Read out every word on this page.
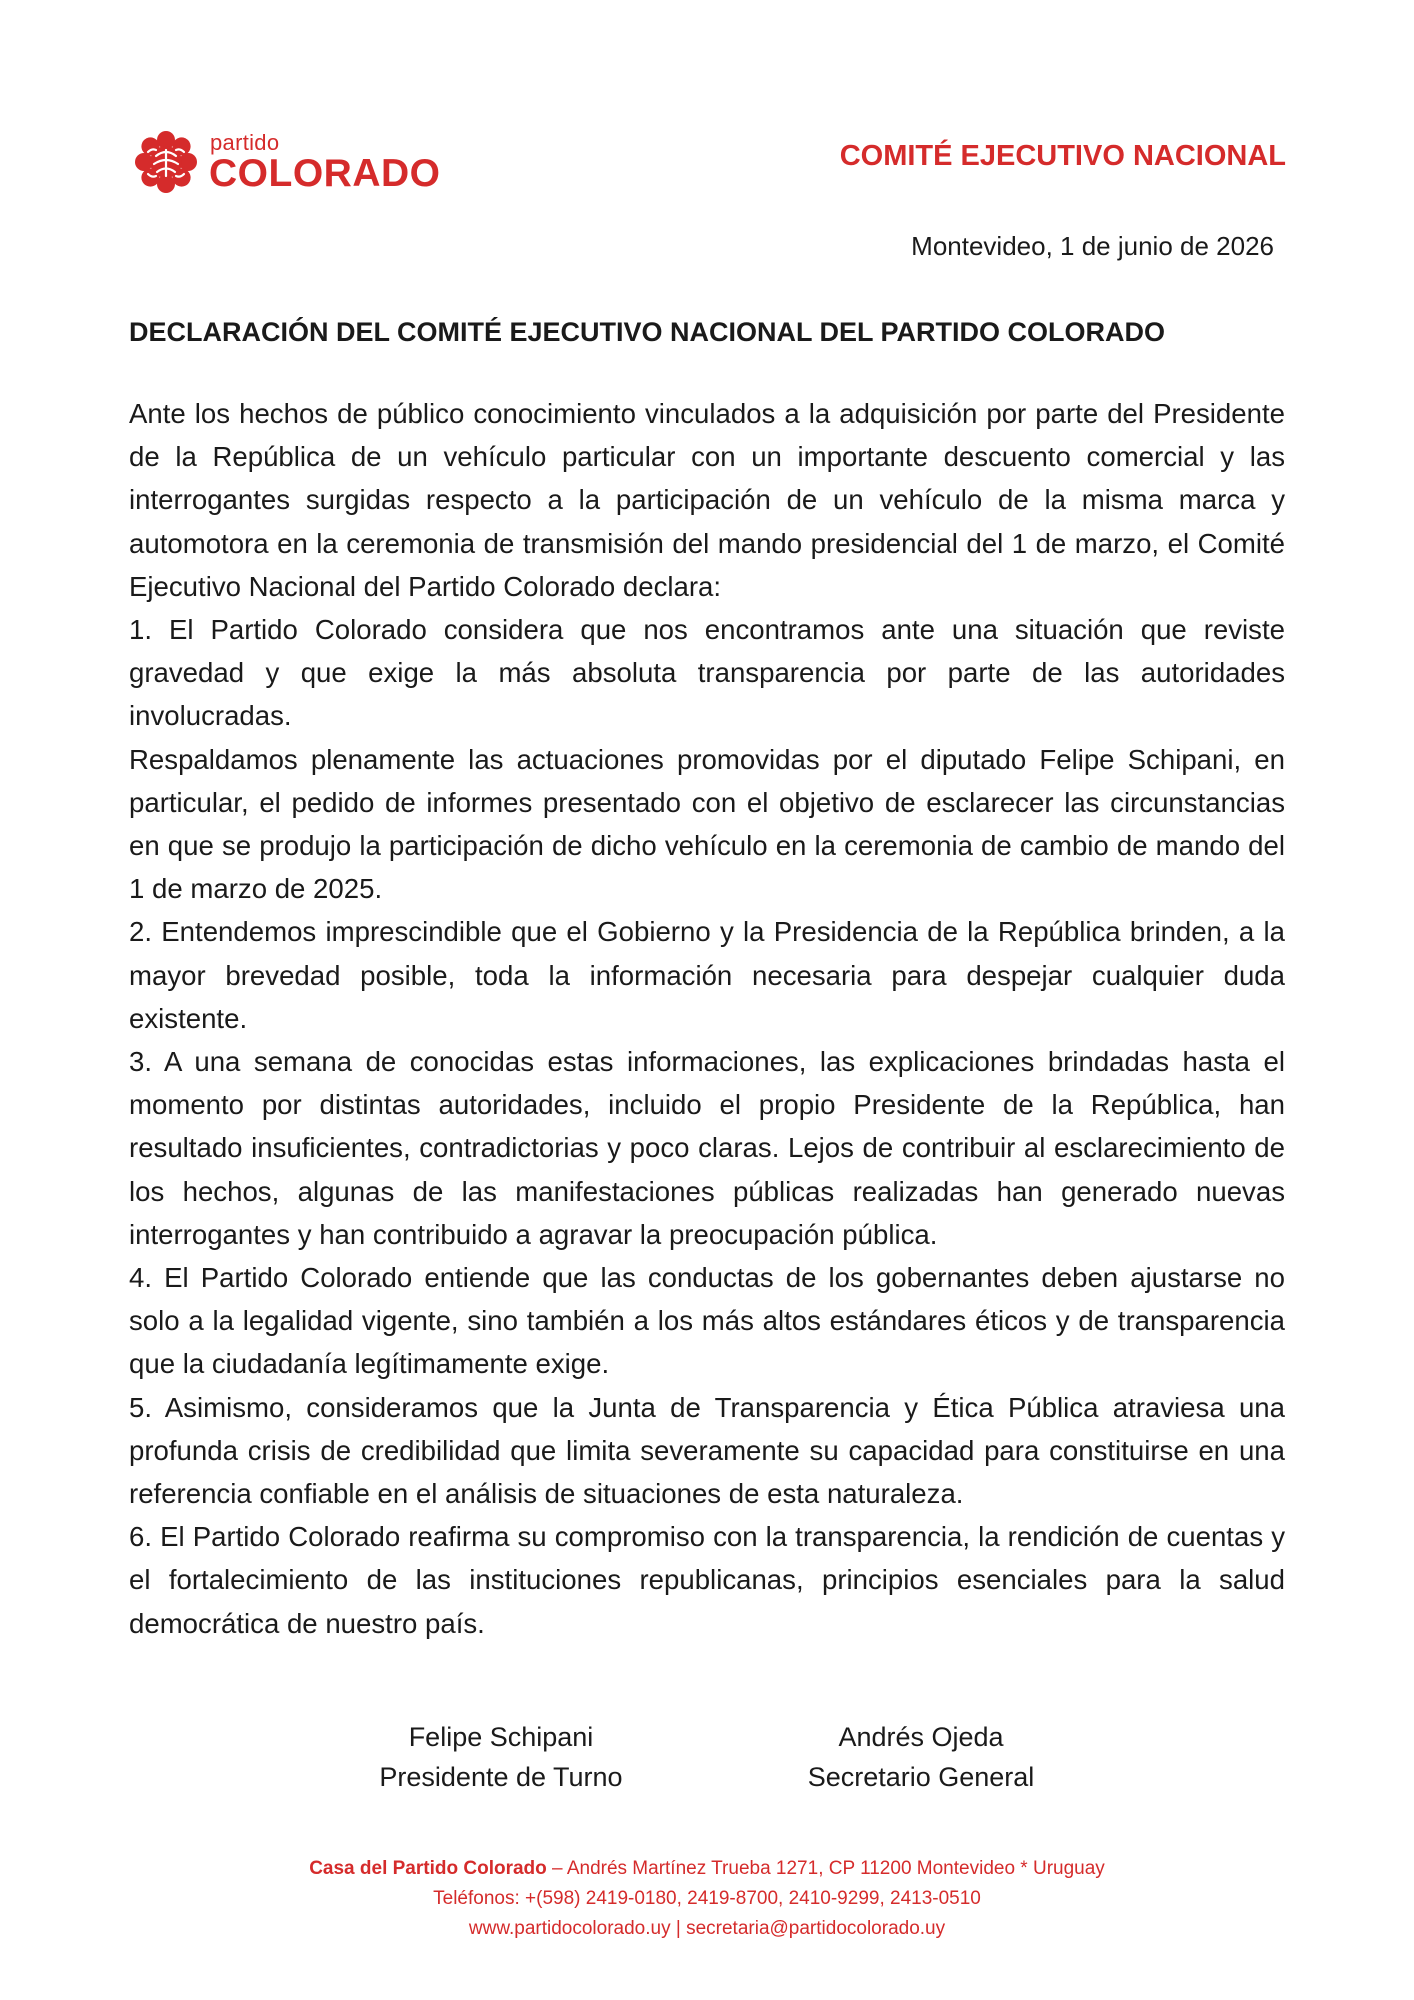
partido
COLORADO	COMITÉ EJECUTIVO NACIONAL
Montevideo, 1 de junio de 2026
DECLARACIÓN DEL COMITÉ EJECUTIVO NACIONAL DEL PARTIDO COLORADO

Ante los hechos de público conocimiento vinculados a la adquisición por parte del Presidente de la República de un vehículo particular con un importante descuento comercial y las interrogantes surgidas respecto a la participación de un vehículo de la misma marca y automotora en la ceremonia de transmisión del mando presidencial del 1 de marzo, el Comité Ejecutivo Nacional del Partido Colorado declara:

1. El Partido Colorado considera que nos encontramos ante una situación que reviste gravedad y que exige la más absoluta transparencia por parte de las autoridades involucradas.

Respaldamos plenamente las actuaciones promovidas por el diputado Felipe Schipani, en particular, el pedido de informes presentado con el objetivo de esclarecer las circunstancias en que se produjo la participación de dicho vehículo en la ceremonia de cambio de mando del 1 de marzo de 2025.

2. Entendemos imprescindible que el Gobierno y la Presidencia de la República brinden, a la mayor brevedad posible, toda la información necesaria para despejar cualquier duda existente.

3. A una semana de conocidas estas informaciones, las explicaciones brindadas hasta el momento por distintas autoridades, incluido el propio Presidente de la República, han resultado insuficientes, contradictorias y poco claras. Lejos de contribuir al esclarecimiento de los hechos, algunas de las manifestaciones públicas realizadas han generado nuevas interrogantes y han contribuido a agravar la preocupación pública.

4. El Partido Colorado entiende que las conductas de los gobernantes deben ajustarse no solo a la legalidad vigente, sino también a los más altos estándares éticos y de transparencia que la ciudadanía legítimamente exige.

5. Asimismo, consideramos que la Junta de Transparencia y Ética Pública atraviesa una profunda crisis de credibilidad que limita severamente su capacidad para constituirse en una referencia confiable en el análisis de situaciones de esta naturaleza.

6. El Partido Colorado reafirma su compromiso con la transparencia, la rendición de cuentas y el fortalecimiento de las instituciones republicanas, principios esenciales para la salud democrática de nuestro país.

Felipe Schipani
Presidente de Turno
Andrés Ojeda
Secretario General
Casa del Partido Colorado – Andrés Martínez Trueba 1271, CP 11200 Montevideo * Uruguay
Teléfonos: +(598) 2419-0180, 2419-8700, 2410-9299, 2413-0510
www.partidocolorado.uy | secretaria@partidocolorado.uy
